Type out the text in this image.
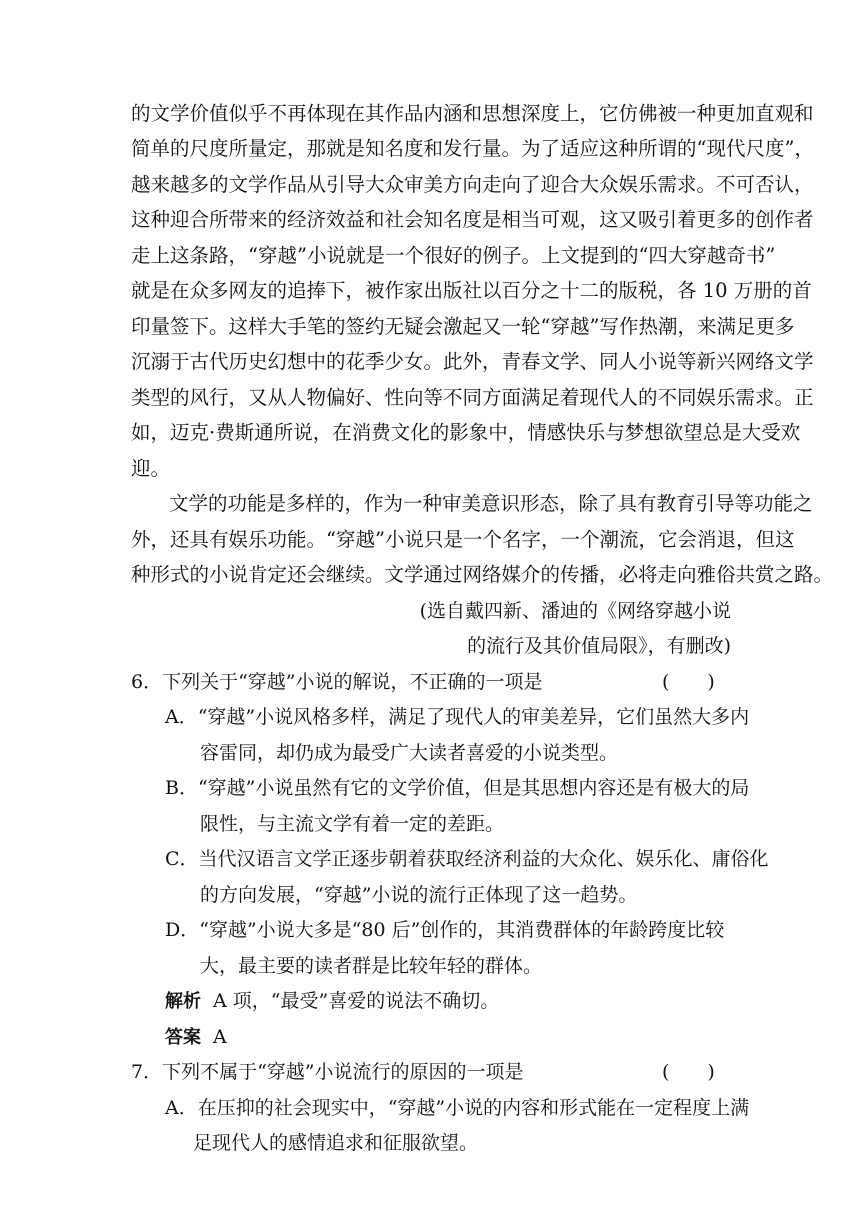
的文学价值似乎不再体现在其作品内涵和思想深度上，它仿佛被一种更加直观和
简单的尺度所量定，那就是知名度和发行量。为了适应这种所谓的“现代尺度”，
越来越多的文学作品从引导大众审美方向走向了迎合大众娱乐需求。不可否认，
这种迎合所带来的经济效益和社会知名度是相当可观，这又吸引着更多的创作者
走上这条路，“穿越”小说就是一个很好的例子。上文提到的“四大穿越奇书”
就是在众多网友的追捧下，被作家出版社以百分之十二的版税，各 10 万册的首
印量签下。这样大手笔的签约无疑会激起又一轮“穿越”写作热潮，来满足更多
沉溺于古代历史幻想中的花季少女。此外，青春文学、同人小说等新兴网络文学
类型的风行，又从人物偏好、性向等不同方面满足着现代人的不同娱乐需求。正
如，迈克·费斯通所说，在消费文化的影象中，情感快乐与梦想欲望总是大受欢
迎。
文学的功能是多样的，作为一种审美意识形态，除了具有教育引导等功能之
外，还具有娱乐功能。“穿越”小说只是一个名字，一个潮流，它会消退，但这
种形式的小说肯定还会继续。文学通过网络媒介的传播，必将走向雅俗共赏之路。
(选自戴四新、潘迪的《网络穿越小说
的流行及其价值局限》，有删改)
6．下列关于“穿越”小说的解说，不正确的一项是	(　　)
A．“穿越”小说风格多样，满足了现代人的审美差异，它们虽然大多内
容雷同，却仍成为最受广大读者喜爱的小说类型。
B．“穿越”小说虽然有它的文学价值，但是其思想内容还是有极大的局
限性，与主流文学有着一定的差距。
C．当代汉语言文学正逐步朝着获取经济利益的大众化、娱乐化、庸俗化
的方向发展，“穿越”小说的流行正体现了这一趋势。
D．“穿越”小说大多是“80 后”创作的，其消费群体的年龄跨度比较
大，最主要的读者群是比较年轻的群体。
解析 A 项，“最受”喜爱的说法不确切。
答案 A
7．下列不属于“穿越”小说流行的原因的一项是	(　　)
A．在压抑的社会现实中，“穿越”小说的内容和形式能在一定程度上满
足现代人的感情追求和征服欲望。
